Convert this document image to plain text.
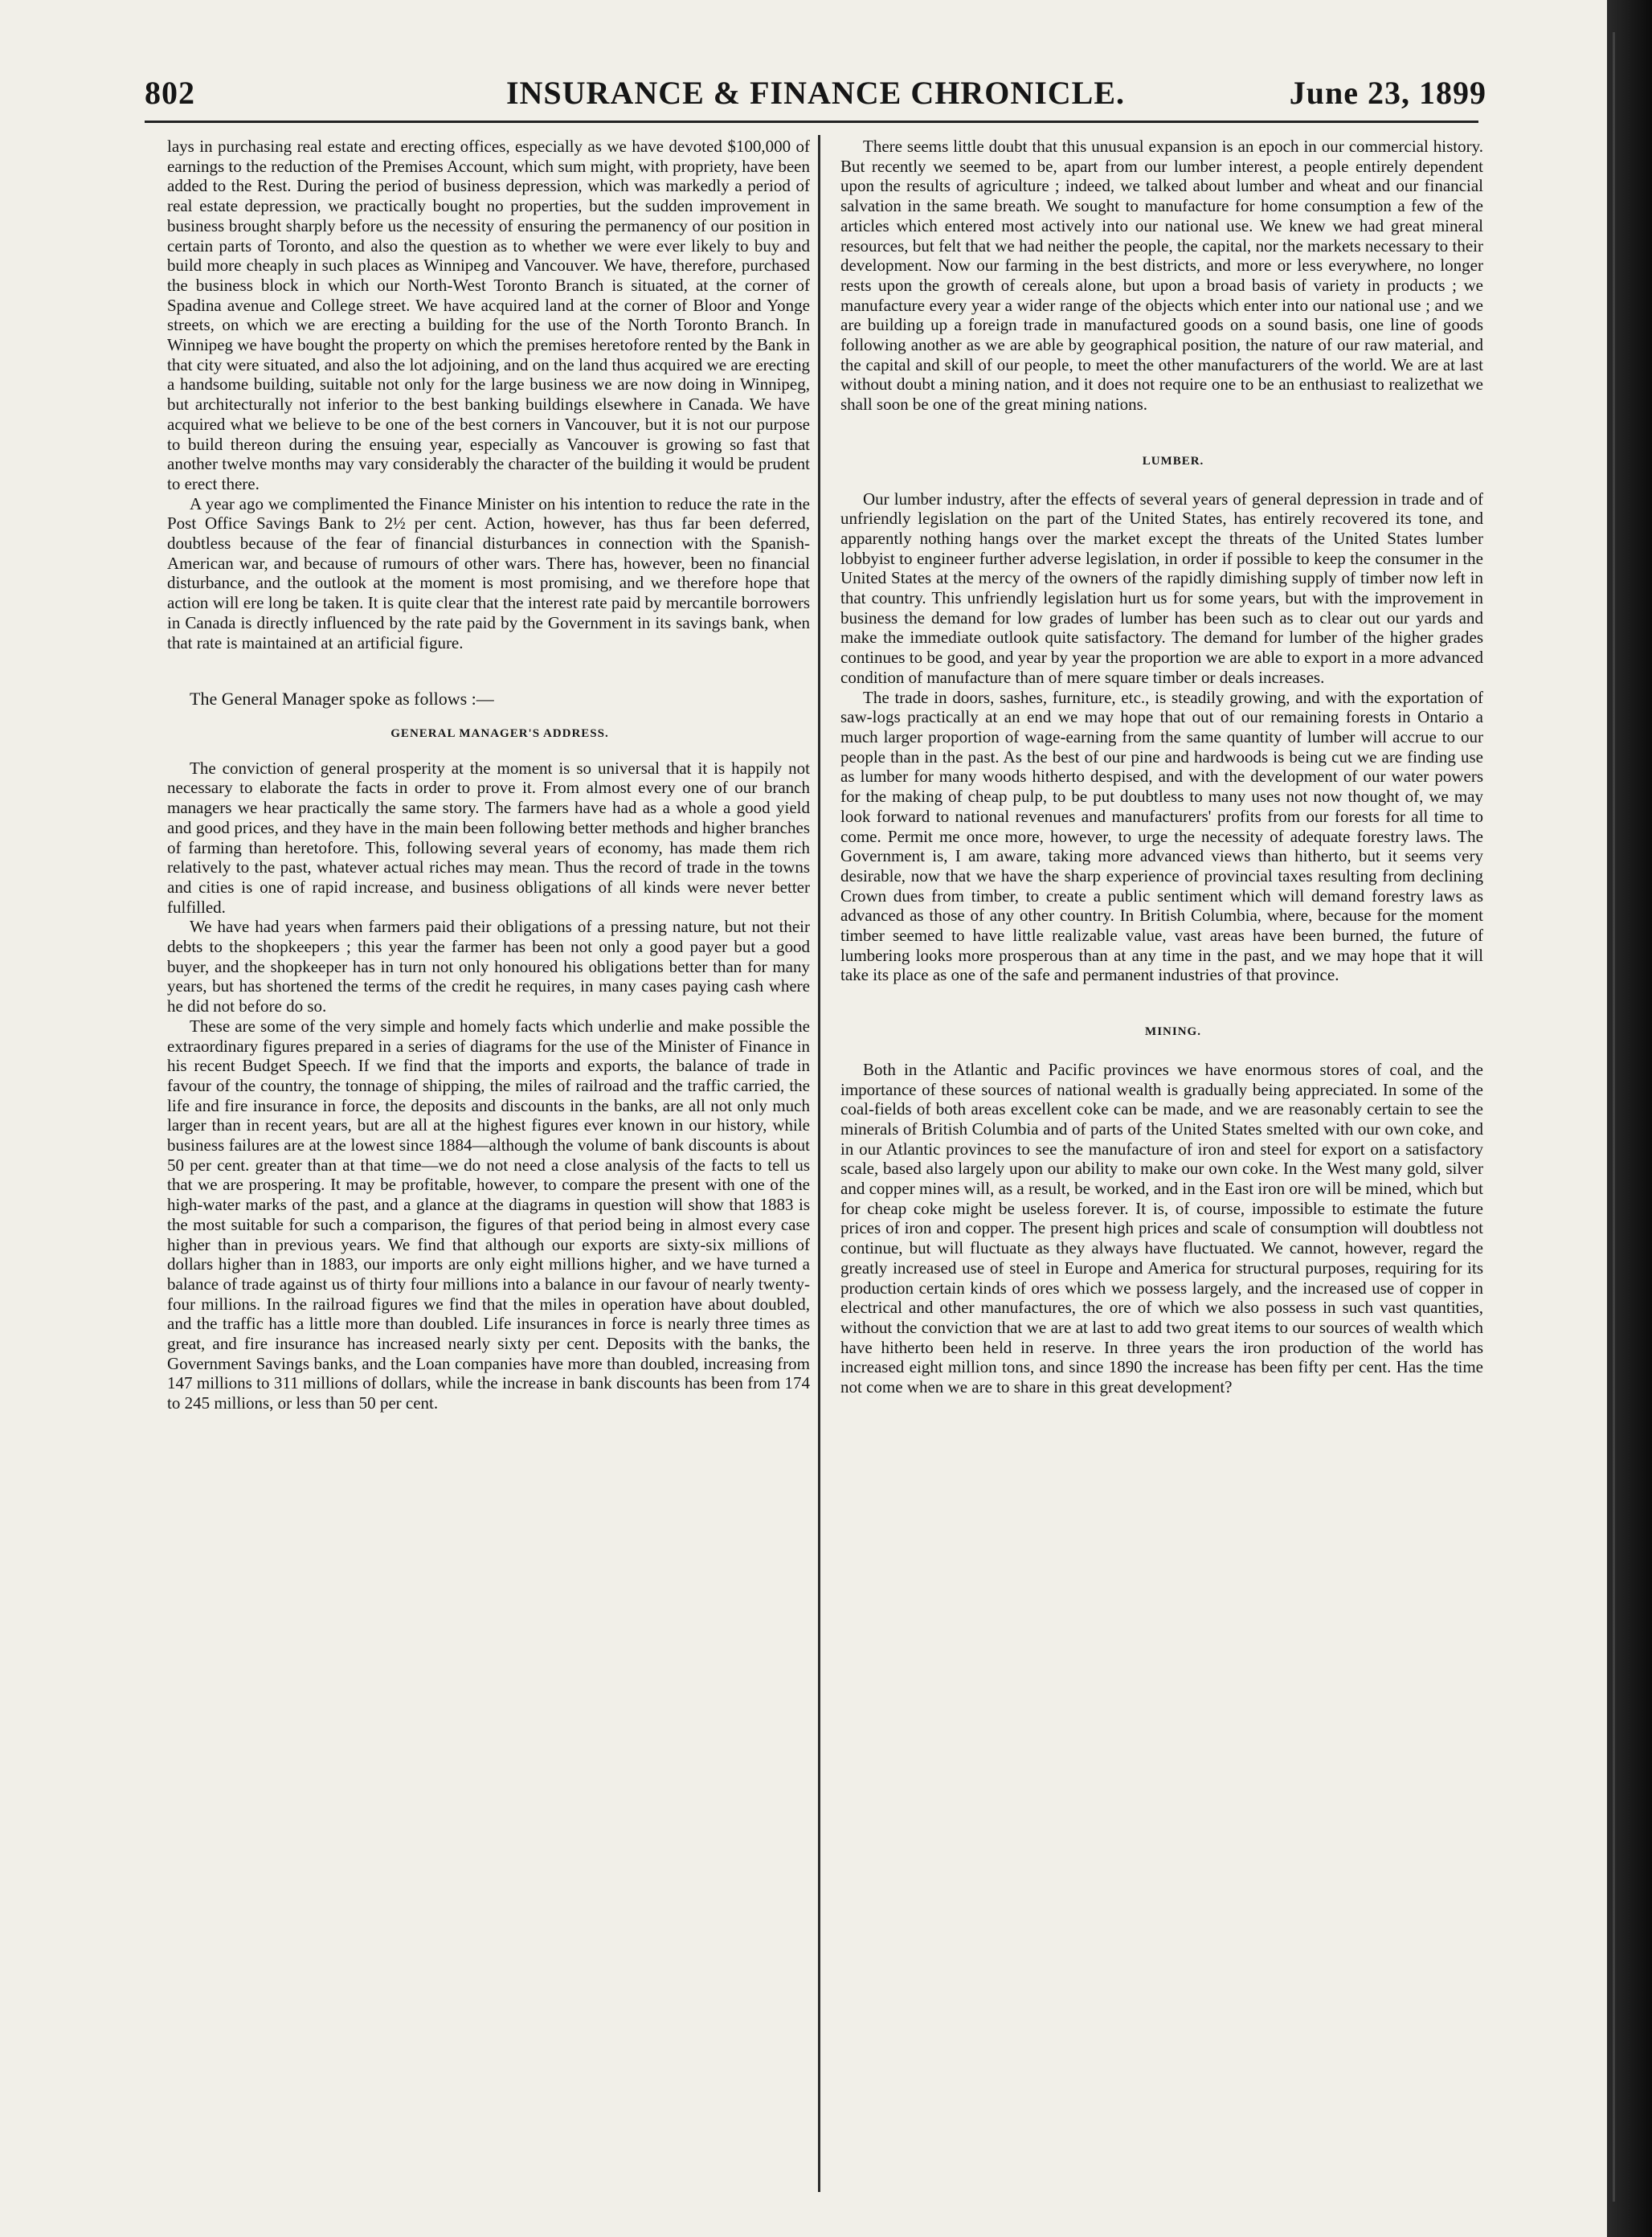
802	INSURANCE & FINANCE CHRONICLE.	June 23, 1899

lays in purchasing real estate and erecting offices, especially as we have devoted $100,000 of earnings to the reduction of the Premises Account, which sum might, with propriety, have been added to the Rest. During the period of business depression, which was markedly a period of real estate depression, we practically bought no properties, but the sudden improvement in business brought sharply before us the necessity of ensuring the permanency of our position in certain parts of Toronto, and also the question as to whether we were ever likely to buy and build more cheaply in such places as Winnipeg and Vancouver. We have, therefore, purchased the business block in which our North-West Toronto Branch is situated, at the corner of Spadina avenue and College street. We have acquired land at the corner of Bloor and Yonge streets, on which we are erecting a building for the use of the North Toronto Branch. In Winnipeg we have bought the property on which the premises heretofore rented by the Bank in that city were situated, and also the lot adjoining, and on the land thus acquired we are erecting a handsome building, suitable not only for the large business we are now doing in Winnipeg, but architecturally not inferior to the best banking buildings elsewhere in Canada. We have acquired what we believe to be one of the best corners in Vancouver, but it is not our purpose to build thereon during the ensuing year, especially as Vancouver is growing so fast that another twelve months may vary considerably the character of the building it would be prudent to erect there.

A year ago we complimented the Finance Minister on his intention to reduce the rate in the Post Office Savings Bank to 2½ per cent. Action, however, has thus far been deferred, doubtless because of the fear of financial disturbances in connection with the Spanish-American war, and because of rumours of other wars. There has, however, been no financial disturbance, and the outlook at the moment is most promising, and we therefore hope that action will ere long be taken. It is quite clear that the interest rate paid by mercantile borrowers in Canada is directly influenced by the rate paid by the Government in its savings bank, when that rate is maintained at an artificial figure.

The General Manager spoke as follows :—

GENERAL MANAGER'S ADDRESS.

The conviction of general prosperity at the moment is so universal that it is happily not necessary to elaborate the facts in order to prove it. From almost every one of our branch managers we hear practically the same story. The farmers have had as a whole a good yield and good prices, and they have in the main been following better methods and higher branches of farming than heretofore. This, following several years of economy, has made them rich relatively to the past, whatever actual riches may mean. Thus the record of trade in the towns and cities is one of rapid increase, and business obligations of all kinds were never better fulfilled.

We have had years when farmers paid their obligations of a pressing nature, but not their debts to the shopkeepers ; this year the farmer has been not only a good payer but a good buyer, and the shopkeeper has in turn not only honoured his obligations better than for many years, but has shortened the terms of the credit he requires, in many cases paying cash where he did not before do so.

These are some of the very simple and homely facts which underlie and make possible the extraordinary figures prepared in a series of diagrams for the use of the Minister of Finance in his recent Budget Speech. If we find that the imports and exports, the balance of trade in favour of the country, the tonnage of shipping, the miles of railroad and the traffic carried, the life and fire insurance in force, the deposits and discounts in the banks, are all not only much larger than in recent years, but are all at the highest figures ever known in our history, while business failures are at the lowest since 1884—although the volume of bank discounts is about 50 per cent. greater than at that time—we do not need a close analysis of the facts to tell us that we are prospering. It may be profitable, however, to compare the present with one of the high-water marks of the past, and a glance at the diagrams in question will show that 1883 is the most suitable for such a comparison, the figures of that period being in almost every case higher than in previous years. We find that although our exports are sixty-six millions of dollars higher than in 1883, our imports are only eight millions higher, and we have turned a balance of trade against us of thirty four millions into a balance in our favour of nearly twenty-four millions. In the railroad figures we find that the miles in operation have about doubled, and the traffic has a little more than doubled. Life insurances in force is nearly three times as great, and fire insurance has increased nearly sixty per cent. Deposits with the banks, the Government Savings banks, and the Loan companies have more than doubled, increasing from 147 millions to 311 millions of dollars, while the increase in bank discounts has been from 174 to 245 millions, or less than 50 per cent.

There seems little doubt that this unusual expansion is an epoch in our commercial history. But recently we seemed to be, apart from our lumber interest, a people entirely dependent upon the results of agriculture ; indeed, we talked about lumber and wheat and our financial salvation in the same breath. We sought to manufacture for home consumption a few of the articles which entered most actively into our national use. We knew we had great mineral resources, but felt that we had neither the people, the capital, nor the markets necessary to their development. Now our farming in the best districts, and more or less everywhere, no longer rests upon the growth of cereals alone, but upon a broad basis of variety in products ; we manufacture every year a wider range of the objects which enter into our national use ; and we are building up a foreign trade in manufactured goods on a sound basis, one line of goods following another as we are able by geographical position, the nature of our raw material, and the capital and skill of our people, to meet the other manufacturers of the world. We are at last without doubt a mining nation, and it does not require one to be an enthusiast to realizethat we shall soon be one of the great mining nations.

LUMBER.

Our lumber industry, after the effects of several years of general depression in trade and of unfriendly legislation on the part of the United States, has entirely recovered its tone, and apparently nothing hangs over the market except the threats of the United States lumber lobbyist to engineer further adverse legislation, in order if possible to keep the consumer in the United States at the mercy of the owners of the rapidly dimishing supply of timber now left in that country. This unfriendly legislation hurt us for some years, but with the improvement in business the demand for low grades of lumber has been such as to clear out our yards and make the immediate outlook quite satisfactory. The demand for lumber of the higher grades continues to be good, and year by year the proportion we are able to export in a more advanced condition of manufacture than of mere square timber or deals increases.

The trade in doors, sashes, furniture, etc., is steadily growing, and with the exportation of saw-logs practically at an end we may hope that out of our remaining forests in Ontario a much larger proportion of wage-earning from the same quantity of lumber will accrue to our people than in the past. As the best of our pine and hardwoods is being cut we are finding use as lumber for many woods hitherto despised, and with the development of our water powers for the making of cheap pulp, to be put doubtless to many uses not now thought of, we may look forward to national revenues and manufacturers' profits from our forests for all time to come. Permit me once more, however, to urge the necessity of adequate forestry laws. The Government is, I am aware, taking more advanced views than hitherto, but it seems very desirable, now that we have the sharp experience of provincial taxes resulting from declining Crown dues from timber, to create a public sentiment which will demand forestry laws as advanced as those of any other country. In British Columbia, where, because for the moment timber seemed to have little realizable value, vast areas have been burned, the future of lumbering looks more prosperous than at any time in the past, and we may hope that it will take its place as one of the safe and permanent industries of that province.

MINING.

Both in the Atlantic and Pacific provinces we have enormous stores of coal, and the importance of these sources of national wealth is gradually being appreciated. In some of the coal-fields of both areas excellent coke can be made, and we are reasonably certain to see the minerals of British Columbia and of parts of the United States smelted with our own coke, and in our Atlantic provinces to see the manufacture of iron and steel for export on a satisfactory scale, based also largely upon our ability to make our own coke. In the West many gold, silver and copper mines will, as a result, be worked, and in the East iron ore will be mined, which but for cheap coke might be useless forever. It is, of course, impossible to estimate the future prices of iron and copper. The present high prices and scale of consumption will doubtless not continue, but will fluctuate as they always have fluctuated. We cannot, however, regard the greatly increased use of steel in Europe and America for structural purposes, requiring for its production certain kinds of ores which we possess largely, and the increased use of copper in electrical and other manufactures, the ore of which we also possess in such vast quantities, without the conviction that we are at last to add two great items to our sources of wealth which have hitherto been held in reserve. In three years the iron production of the world has increased eight million tons, and since 1890 the increase has been fifty per cent. Has the time not come when we are to share in this great development?
